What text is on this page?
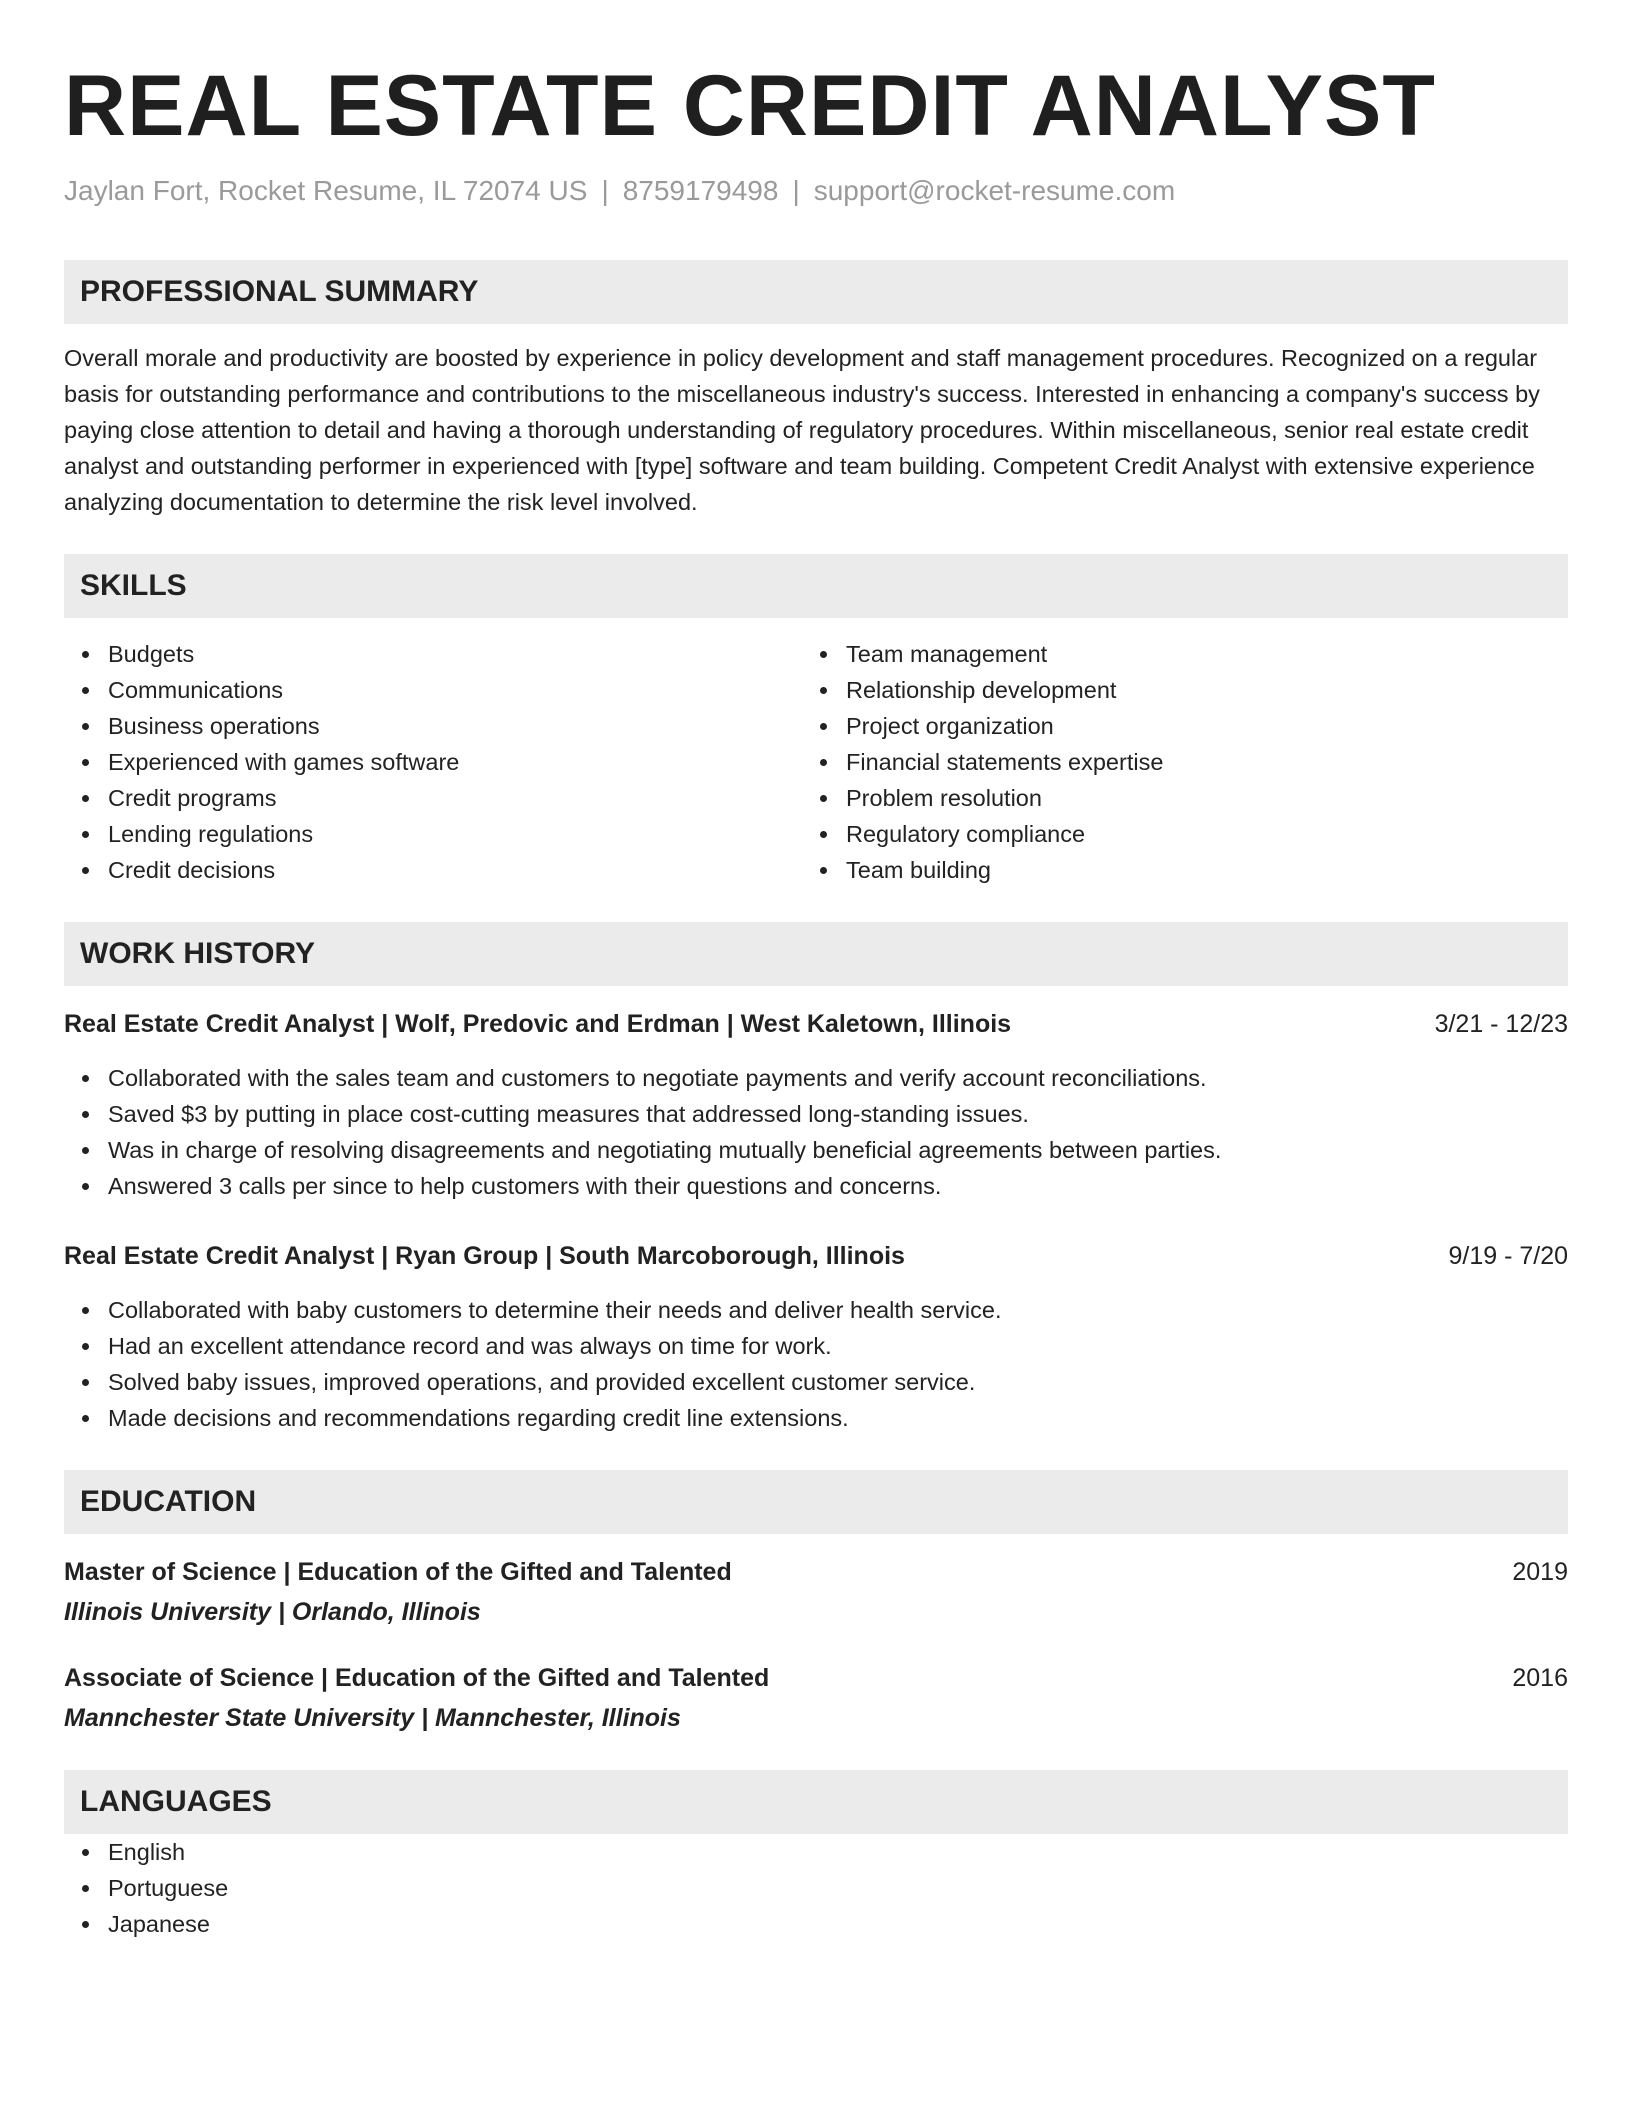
REAL ESTATE CREDIT ANALYST
Jaylan Fort, Rocket Resume, IL 72074 US | 8759179498 | support@rocket-resume.com
PROFESSIONAL SUMMARY
Overall morale and productivity are boosted by experience in policy development and staff management procedures. Recognized on a regular basis for outstanding performance and contributions to the miscellaneous industry's success. Interested in enhancing a company's success by paying close attention to detail and having a thorough understanding of regulatory procedures. Within miscellaneous, senior real estate credit analyst and outstanding performer in experienced with [type] software and team building. Competent Credit Analyst with extensive experience analyzing documentation to determine the risk level involved.
SKILLS
Budgets
Communications
Business operations
Experienced with games software
Credit programs
Lending regulations
Credit decisions
Team management
Relationship development
Project organization
Financial statements expertise
Problem resolution
Regulatory compliance
Team building
WORK HISTORY
Real Estate Credit Analyst | Wolf, Predovic and Erdman | West Kaletown, Illinois	3/21 - 12/23
Collaborated with the sales team and customers to negotiate payments and verify account reconciliations.
Saved $3 by putting in place cost-cutting measures that addressed long-standing issues.
Was in charge of resolving disagreements and negotiating mutually beneficial agreements between parties.
Answered 3 calls per since to help customers with their questions and concerns.
Real Estate Credit Analyst | Ryan Group | South Marcoborough, Illinois	9/19 - 7/20
Collaborated with baby customers to determine their needs and deliver health service.
Had an excellent attendance record and was always on time for work.
Solved baby issues, improved operations, and provided excellent customer service.
Made decisions and recommendations regarding credit line extensions.
EDUCATION
Master of Science | Education of the Gifted and Talented	2019
Illinois University | Orlando, Illinois
Associate of Science | Education of the Gifted and Talented	2016
Mannchester State University | Mannchester, Illinois
LANGUAGES
English
Portuguese
Japanese
